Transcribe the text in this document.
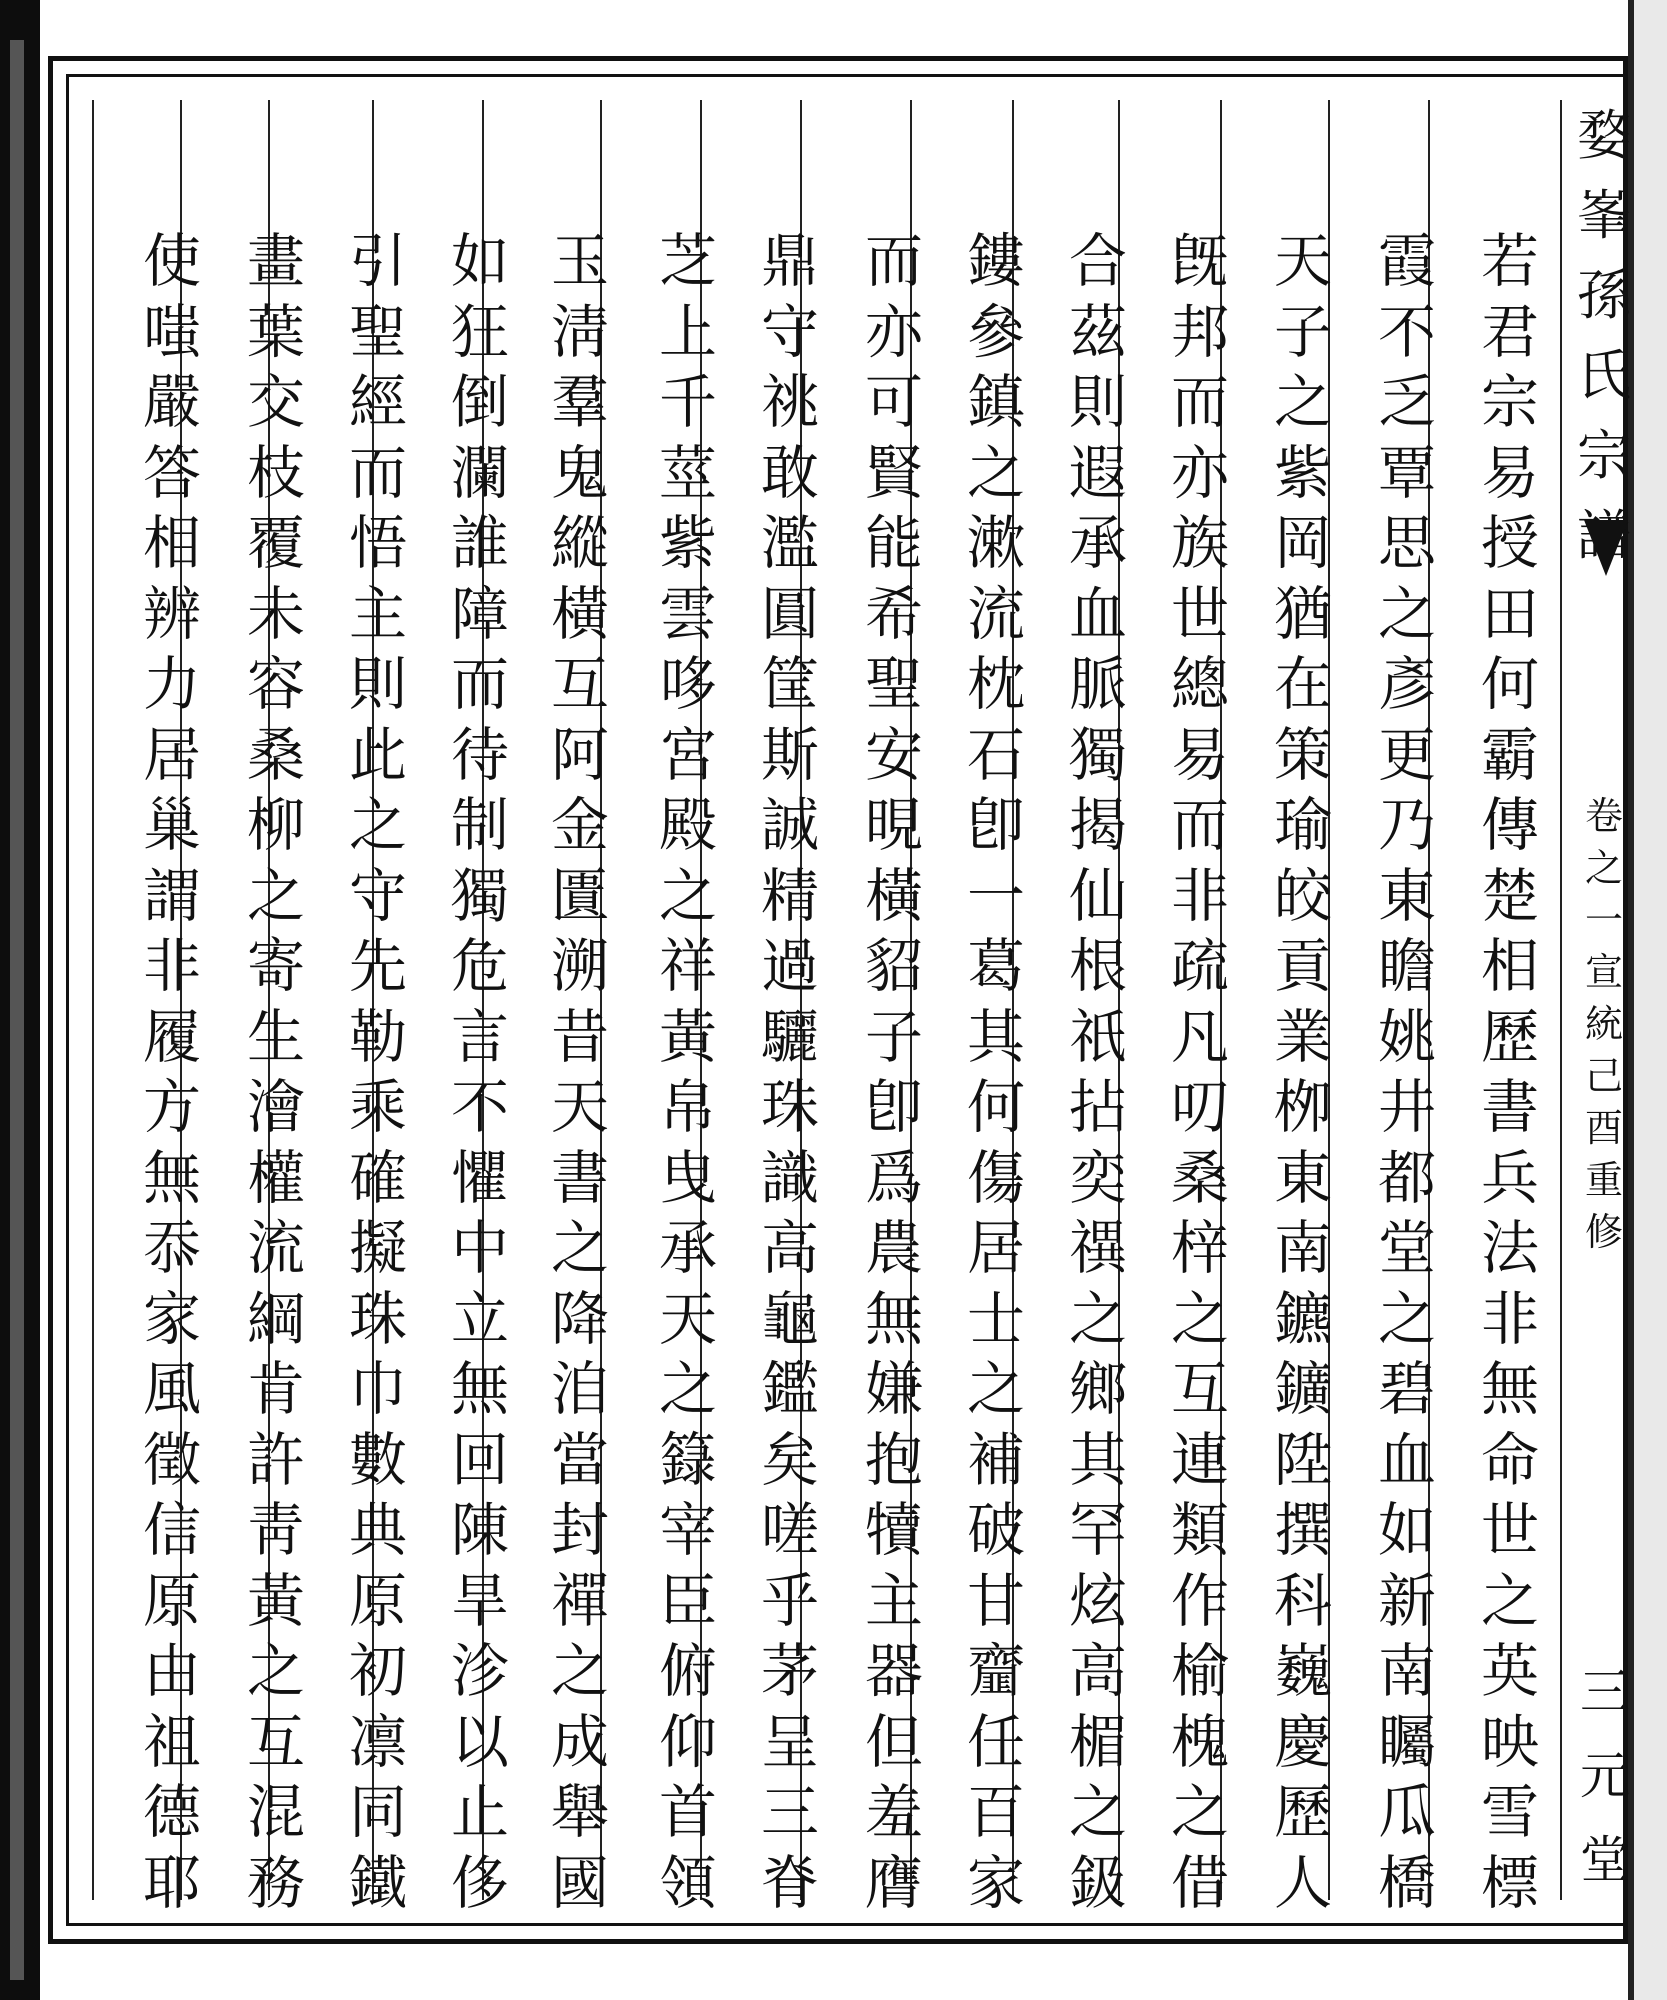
若
君
宗
易
授
田
何
霸
傳
楚
相
歷
書
兵
法
非
無
命
世
之
英
映
雪
標
霞
不
乏
覃
思
之
彥
更
乃
東
瞻
姚
井
都
堂
之
碧
血
如
新
南
矚
瓜
橋
天
子
之
紫
岡
猶
在
策
瑜
皎
貢
業
栁
東
南
鑣
鑛
陞
撰
科
巍
慶
歷
人
旣
邦
而
亦
族
世
總
易
而
非
疏
凡
叨
桑
梓
之
互
連
類
作
榆
槐
之
借
合
茲
則
遐
承
血
脈
獨
揭
仙
根
祇
拈
奕
禩
之
鄉
其
罕
炫
高
楣
之
鈒
鏤
參
鎮
之
漱
流
枕
石
卽
一
葛
其
何
傷
居
士
之
補
破
甘
齏
任
百
家
而
亦
可
賢
能
希
聖
安
晛
橫
貂
子
卽
爲
農
無
嫌
抱
犢
主
器
但
羞
膺
鼎
守
祧
敢
濫
圓
筐
斯
誠
精
過
驪
珠
識
高
龜
鑑
矣
嗟
乎
茅
呈
三
脊
芝
上
千
莖
紫
雲
哆
宮
殿
之
祥
黃
帛
曳
承
天
之
籙
宰
臣
俯
仰
首
領
玉
淸
羣
鬼
縱
橫
互
阿
金
匱
溯
昔
天
書
之
降
洎
當
封
禪
之
成
舉
國
如
狂
倒
瀾
誰
障
而
待
制
獨
危
言
不
懼
中
立
無
回
陳
旱
沴
以
止
侈
引
聖
經
而
悟
主
則
此
之
守
先
勒
乘
確
擬
珠
巾
數
典
原
初
凛
同
鐵
畫
葉
交
枝
覆
未
容
桑
柳
之
寄
生
澮
權
流
綱
肯
許
靑
黃
之
互
混
務
使
嗤
嚴
答
相
辨
力
居
巢
謂
非
履
方
無
忝
家
風
徵
信
原
由
祖
德
耶
婺
峯
孫
氏
宗
譜
卷
之
一
宣
統
己
酉
重
修
三
元
堂
